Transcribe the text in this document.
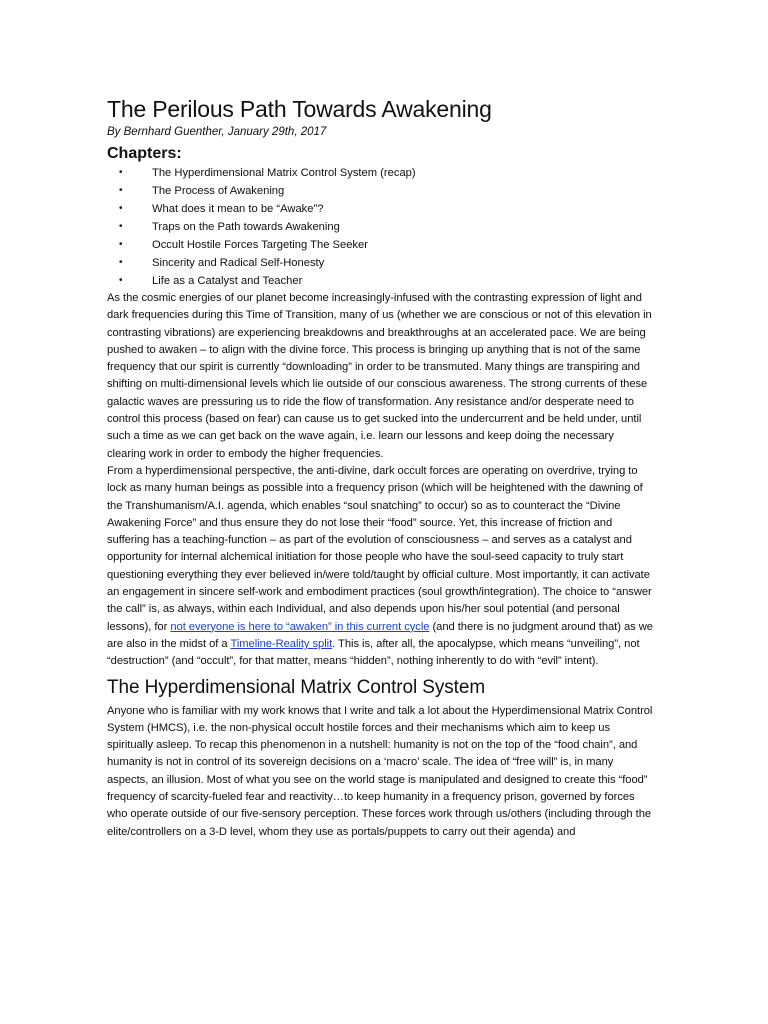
The Perilous Path Towards Awakening

By Bernhard Guenther, January 29th, 2017

Chapters:
•	The Hyperdimensional Matrix Control System (recap)
•	The Process of Awakening
•	What does it mean to be “Awake”?
•	Traps on the Path towards Awakening
•	Occult Hostile Forces Targeting The Seeker
•	Sincerity and Radical Self-Honesty
•	Life as a Catalyst and Teacher

As the cosmic energies of our planet become increasingly-infused with the contrasting expression of light and dark frequencies during this Time of Transition, many of us (whether we are conscious or not of this elevation in contrasting vibrations) are experiencing breakdowns and breakthroughs at an accelerated pace. We are being pushed to awaken – to align with the divine force. This process is bringing up anything that is not of the same frequency that our spirit is currently “downloading” in order to be transmuted. Many things are transpiring and shifting on multi-dimensional levels which lie outside of our conscious awareness. The strong currents of these galactic waves are pressuring us to ride the flow of transformation. Any resistance and/or desperate need to control this process (based on fear) can cause us to get sucked into the undercurrent and be held under, until such a time as we can get back on the wave again, i.e. learn our lessons and keep doing the necessary clearing work in order to embody the higher frequencies.

From a hyperdimensional perspective, the anti-divine, dark occult forces are operating on overdrive, trying to lock as many human beings as possible into a frequency prison (which will be heightened with the dawning of the Transhumanism/A.I. agenda, which enables “soul snatching” to occur) so as to counteract the “Divine Awakening Force” and thus ensure they do not lose their “food” source. Yet, this increase of friction and suffering has a teaching-function – as part of the evolution of consciousness – and serves as a catalyst and opportunity for internal alchemical initiation for those people who have the soul-seed capacity to truly start questioning everything they ever believed in/were told/taught by official culture. Most importantly, it can activate an engagement in sincere self-work and embodiment practices (soul growth/integration). The choice to “answer the call” is, as always, within each Individual, and also depends upon his/her soul potential (and personal lessons), for not everyone is here to “awaken” in this current cycle (and there is no judgment around that) as we are also in the midst of a Timeline-Reality split. This is, after all, the apocalypse, which means “unveiling”, not “destruction” (and “occult”, for that matter, means “hidden”, nothing inherently to do with “evil” intent).

The Hyperdimensional Matrix Control System

Anyone who is familiar with my work knows that I write and talk a lot about the Hyperdimensional Matrix Control System (HMCS), i.e. the non-physical occult hostile forces and their mechanisms which aim to keep us spiritually asleep. To recap this phenomenon in a nutshell: humanity is not on the top of the “food chain”, and humanity is not in control of its sovereign decisions on a ‘macro’ scale. The idea of “free will” is, in many aspects, an illusion. Most of what you see on the world stage is manipulated and designed to create this “food” frequency of scarcity-fueled fear and reactivity…to keep humanity in a frequency prison, governed by forces who operate outside of our five-sensory perception. These forces work through us/others (including through the elite/controllers on a 3-D level, whom they use as portals/puppets to carry out their agenda) and
